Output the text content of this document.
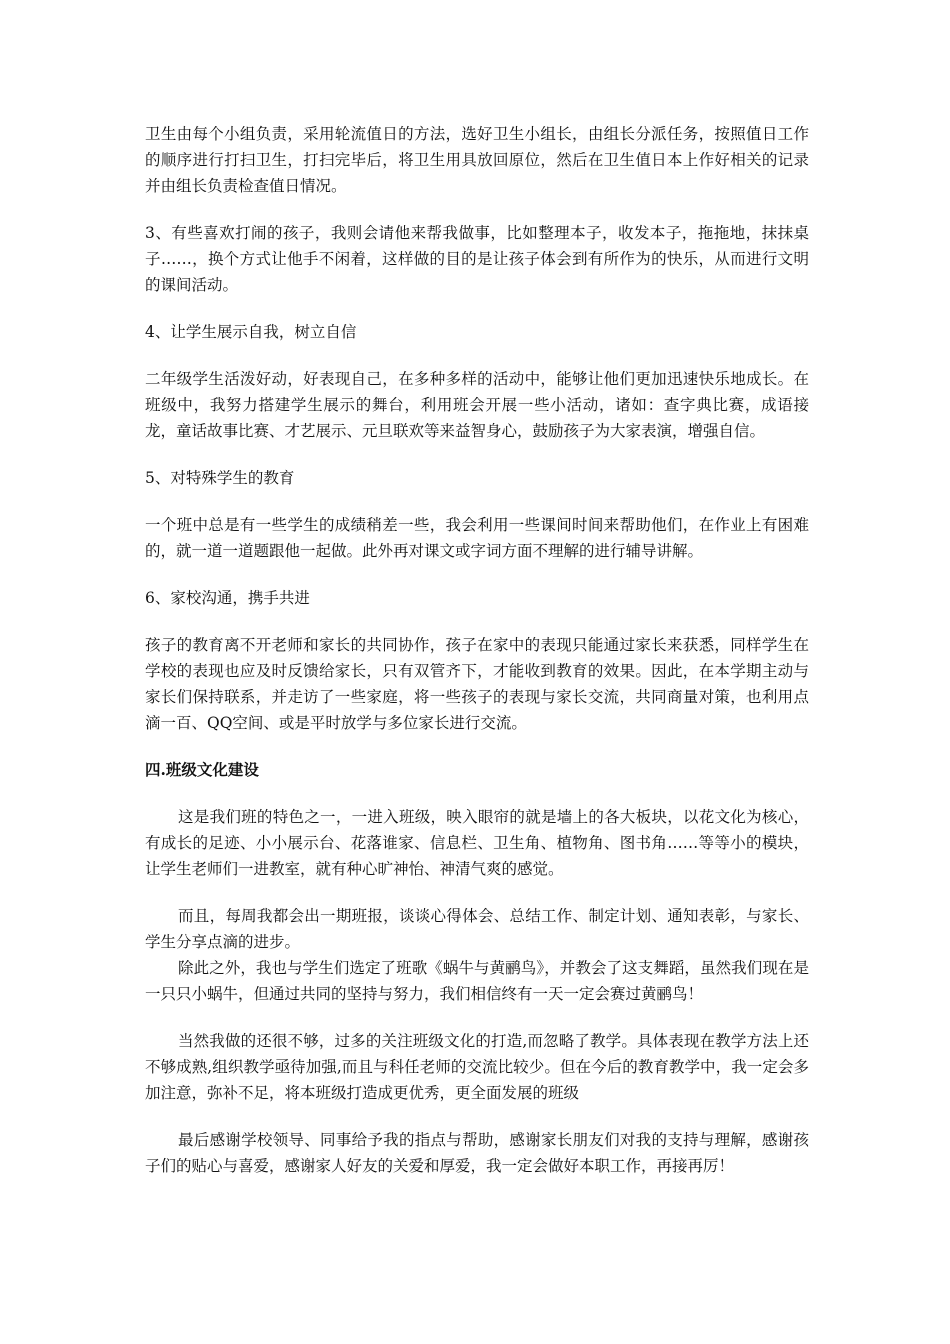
卫生由每个小组负责，采用轮流值日的方法，选好卫生小组长，由组长分派任务，按照值日工作的顺序进行打扫卫生，打扫完毕后，将卫生用具放回原位，然后在卫生值日本上作好相关的记录并由组长负责检查值日情况。

3、有些喜欢打闹的孩子，我则会请他来帮我做事，比如整理本子，收发本子，拖拖地，抹抹桌子……，换个方式让他手不闲着，这样做的目的是让孩子体会到有所作为的快乐，从而进行文明的课间活动。

4、让学生展示自我，树立自信

二年级学生活泼好动，好表现自己，在多种多样的活动中，能够让他们更加迅速快乐地成长。在班级中，我努力搭建学生展示的舞台，利用班会开展一些小活动，诸如：查字典比赛，成语接龙，童话故事比赛、才艺展示、元旦联欢等来益智身心，鼓励孩子为大家表演，增强自信。

5、对特殊学生的教育

一个班中总是有一些学生的成绩稍差一些，我会利用一些课间时间来帮助他们，在作业上有困难的，就一道一道题跟他一起做。此外再对课文或字词方面不理解的进行辅导讲解。

6、家校沟通，携手共进

孩子的教育离不开老师和家长的共同协作，孩子在家中的表现只能通过家长来获悉，同样学生在学校的表现也应及时反馈给家长，只有双管齐下，才能收到教育的效果。因此，在本学期主动与家长们保持联系，并走访了一些家庭，将一些孩子的表现与家长交流，共同商量对策，也利用点滴一百、QQ空间、或是平时放学与多位家长进行交流。

四.班级文化建设

这是我们班的特色之一，一进入班级，映入眼帘的就是墙上的各大板块，以花文化为核心，有成长的足迹、小小展示台、花落谁家、信息栏、卫生角、植物角、图书角……等等小的模块，让学生老师们一进教室，就有种心旷神怡、神清气爽的感觉。

而且，每周我都会出一期班报，谈谈心得体会、总结工作、制定计划、通知表彰，与家长、学生分享点滴的进步。

除此之外，我也与学生们选定了班歌《蜗牛与黄鹂鸟》，并教会了这支舞蹈，虽然我们现在是一只只小蜗牛，但通过共同的坚持与努力，我们相信终有一天一定会赛过黄鹂鸟！

当然我做的还很不够，过多的关注班级文化的打造,而忽略了教学。具体表现在教学方法上还不够成熟,组织教学亟待加强,而且与科任老师的交流比较少。但在今后的教育教学中，我一定会多加注意，弥补不足，将本班级打造成更优秀，更全面发展的班级

最后感谢学校领导、同事给予我的指点与帮助，感谢家长朋友们对我的支持与理解，感谢孩子们的贴心与喜爱，感谢家人好友的关爱和厚爱，我一定会做好本职工作，再接再厉！
